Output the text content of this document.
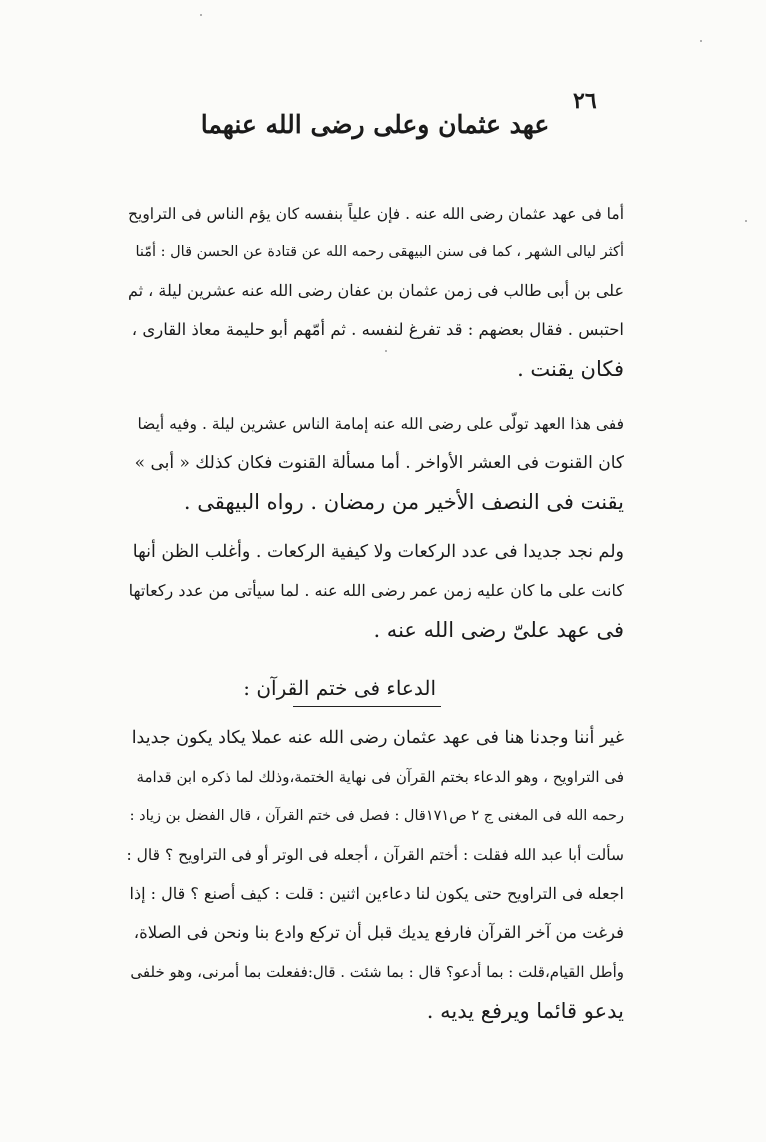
٢٦
عهد عثمان وعلى رضى الله عنهما
أما فى عهد عثمان رضى الله عنه . فإن علياً بنفسه كان يؤم الناس فى التراويح
أكثر ليالى الشهر ، كما فى سنن البيهقى رحمه الله عن قتادة عن الحسن قال : أمّنا
على بن أبى طالب فى زمن عثمان بن عفان رضى الله عنه عشرين ليلة ، ثم
احتبس . فقال بعضهم : قد تفرغ لنفسه . ثم أمّهم أبو حليمة معاذ القارى ،
فكان يقنت .
ففى هذا العهد تولّى على رضى الله عنه إمامة الناس عشرين ليلة . وفيه أيضا
كان القنوت فى العشر الأواخر . أما مسألة القنوت فكان كذلك « أبى »
يقنت فى النصف الأخير من رمضان . رواه البيهقى .
ولم نجد جديدا فى عدد الركعات ولا كيفية الركعات . وأغلب الظن أنها
كانت على ما كان عليه زمن عمر رضى الله عنه . لما سيأتى من عدد ركعاتها
فى عهد علىّ رضى الله عنه .
الدعاء فى ختم القرآن :
غير أننا وجدنا هنا فى عهد عثمان رضى الله عنه عملا يكاد يكون جديدا
فى التراويح ، وهو الدعاء بختم القرآن فى نهاية الختمة،وذلك لما ذكره ابن قدامة
رحمه الله فى المغنى ج ٢ ص١٧١قال : فصل فى ختم القرآن ، قال الفضل بن زياد :
سألت أبا عبد الله فقلت : أختم القرآن ، أجعله فى الوتر أو فى التراويح ؟ قال :
اجعله فى التراويح حتى يكون لنا دعاءين اثنين : قلت : كيف أصنع ؟ قال : إذا
فرغت من آخر القرآن فارفع يديك قبل أن تركع وادع بنا ونحن فى الصلاة،
وأطل القيام،قلت : بما أدعو؟ قال : بما شئت . قال:ففعلت بما أمرنى، وهو خلفى
يدعو قائما ويرفع يديه .
